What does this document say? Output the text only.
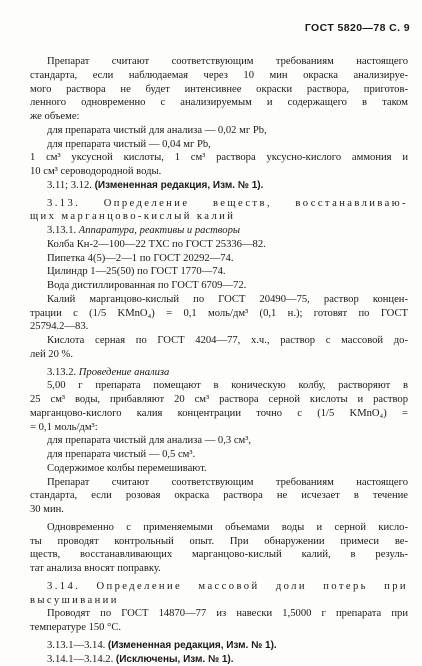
ГОСТ 5820—78 С. 9
Препарат считают соответствующим требованиям настоящего
стандарта, если наблюдаемая через 10 мин окраска анализируе-
мого раствора не будет интенсивнее окраски раствора, приготов-
ленного одновременно с анализируемым и содержащего в таком
же объеме:
для препарата чистый для анализа — 0,02 мг Pb,
для препарата чистый — 0,04 мг Pb,
1 см³ уксусной кислоты, 1 см³ раствора уксусно-кислого аммония и
10 см³ сероводородной воды.
3.11; 3.12. (Измененная редакция, Изм. № 1).
3.13. Определение веществ, восстанавливаю-
щих марганцово-кислый калий
3.13.1. Аппаратура, реактивы и растворы
Колба Кн-2—100—22 ТХС по ГОСТ 25336—82.
Пипетка 4(5)—2—1 по ГОСТ 20292—74.
Цилиндр 1—25(50) по ГОСТ 1770—74.
Вода дистиллированная по ГОСТ 6709—72.
Калий марганцово-кислый по ГОСТ 20490—75, раствор концен-
трации с (1/5 KMnO₄) = 0,1 моль/дм³ (0,1 н.); готовят по ГОСТ
25794.2—83.
Кислота серная по ГОСТ 4204—77, х.ч., раствор с массовой до-
лей 20 %.
3.13.2. Проведение анализа
5,00 г препарата помещают в коническую колбу, растворяют в
25 см³ воды, прибавляют 20 см³ раствора серной кислоты и раствор
марганцово-кислого калия концентрации точно с (1/5 KMnO₄) =
= 0,1 моль/дм³:
для препарата чистый для анализа — 0,3 см³,
для препарата чистый — 0,5 см³.
Содержимое колбы перемешивают.
Препарат считают соответствующим требованиям настоящего
стандарта, если розовая окраска раствора не исчезает в течение
30 мин.
Одновременно с применяемыми объемами воды и серной кисло-
ты проводят контрольный опыт. При обнаружении примеси ве-
ществ, восстанавливающих марганцово-кислый калий, в резуль-
тат анализа вносят поправку.
3.14. Определение массовой доли потерь при
высушивании
Проводят по ГОСТ 14870—77 из навески 1,5000 г препарата при
температуре 150 °С.
3.13.1—3.14. (Измененная редакция, Изм. № 1).
3.14.1—3.14.2. (Исключены, Изм. № 1).
